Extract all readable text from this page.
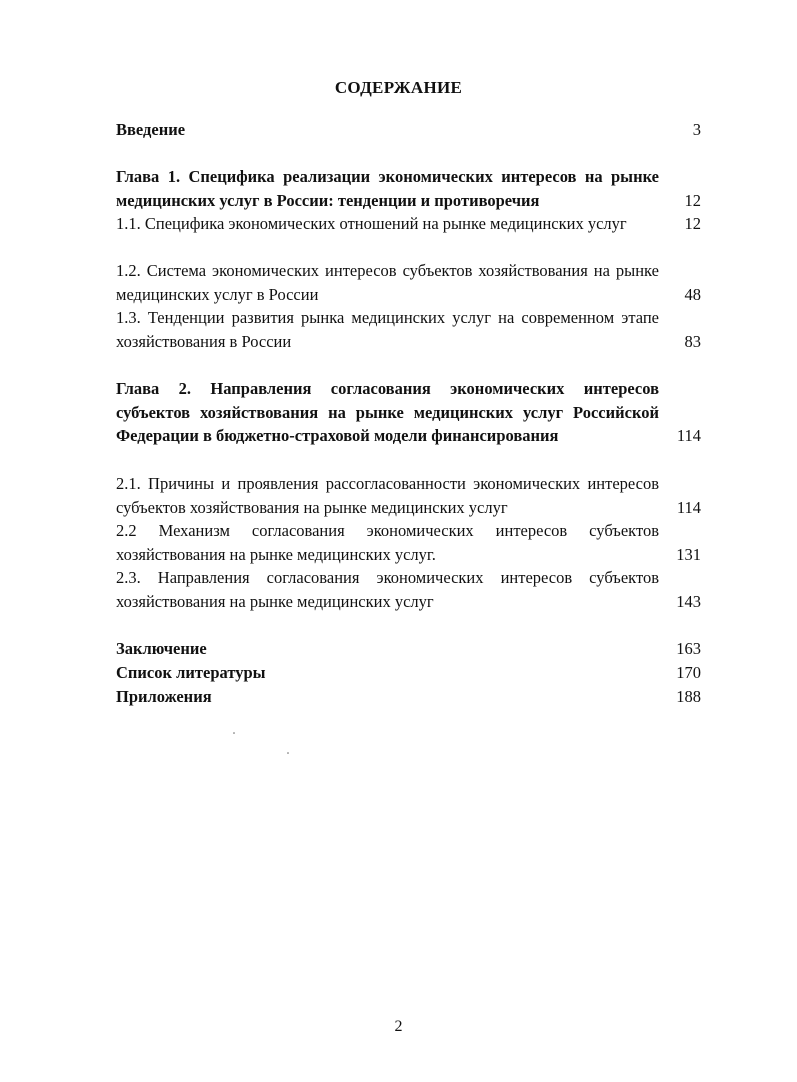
СОДЕРЖАНИЕ
Введение	3
Глава 1. Специфика реализации экономических интересов на рынке медицинских услуг в России: тенденции и противоречия	12
1.1. Специфика экономических отношений на рынке медицинских услуг	12
1.2. Система экономических интересов субъектов хозяйствования на рынке медицинских услуг в России	48
1.3. Тенденции развития рынка медицинских услуг на современном этапе хозяйствования в России	83
Глава 2. Направления согласования экономических интересов субъектов хозяйствования на рынке медицинских услуг Российской Федерации в бюджетно-страховой модели финансирования	114
2.1. Причины и проявления рассогласованности экономических интересов субъектов хозяйствования на рынке медицинских услуг	114
2.2 Механизм согласования экономических интересов субъектов хозяйствования на рынке медицинских услуг.	131
2.3. Направления согласования экономических интересов субъектов хозяйствования на рынке медицинских услуг	143
Заключение	163
Список литературы	170
Приложения	188
2
